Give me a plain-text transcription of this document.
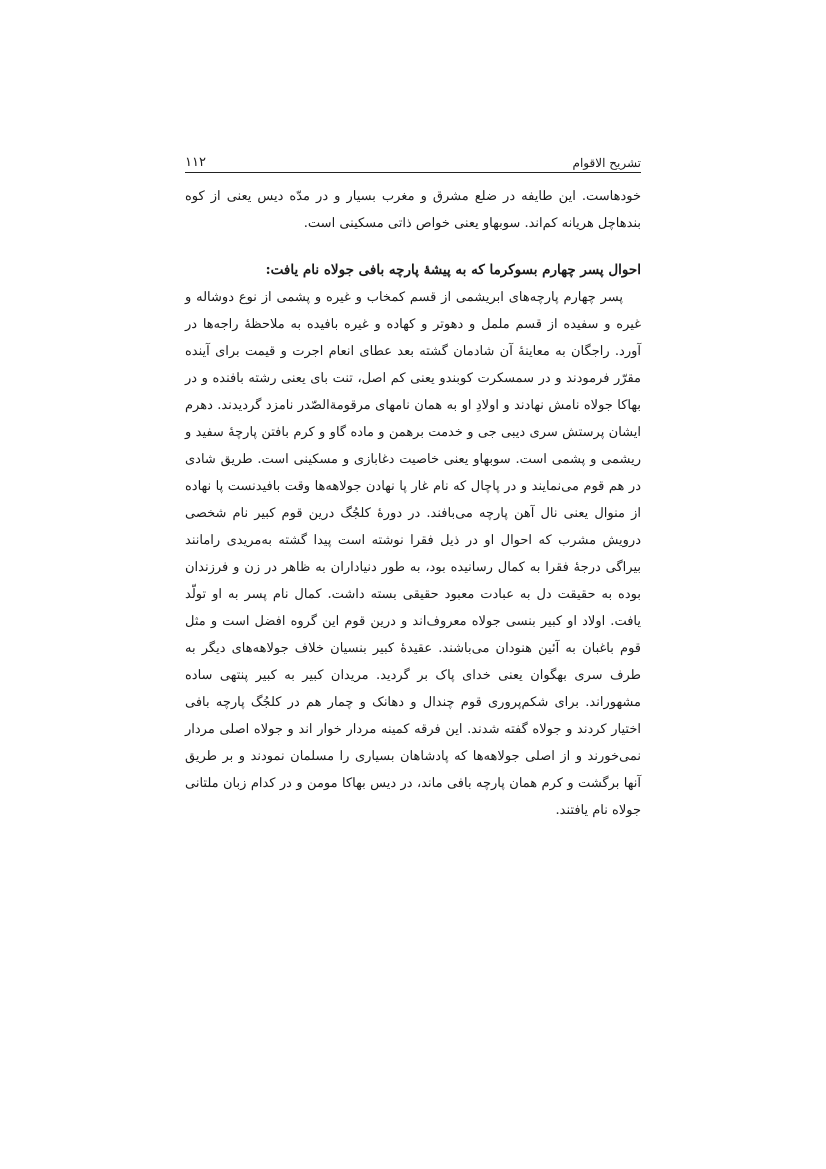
تشریح الاقوام
۱۱۲

خودهاست. این طایفه در ضلع مشرق و مغرب بسیار و در مدّه دیس یعنی از کوه بندهاچل هریانه کم‌اند. سوبهاو یعنی خواص ذاتی مسکینی است.

احوال پسر چهارم بسوکرما که به پیشهٔ پارچه بافی جولاه نام یافت:

پسر چهارم پارچه‌های ابریشمی از قسم کمخاب و غیره و پشمی از نوع دوشاله و غیره و سفیده از قسم ململ و دهوتر و کهاده و غیره بافیده به ملاحظهٔ راجه‌ها در آورد. راجگان به معاینهٔ آن شادمان گشته بعد عطای انعام اجرت و قیمت برای آینده مقرّر فرمودند و در سمسکرت کوبندو یعنی کم اصل، تنت بای یعنی رشته بافنده و در بهاکا جولاه نامش نهادند و اولادِ او به همان نامهای مرقومةالصّدر نامزد گردیدند. دهرم ایشان پرستش سری دیبی جی و خدمت برهمن و ماده گاو و کرم بافتن پارچهٔ سفید و ریشمی و پشمی است. سوبهاو یعنی خاصیت دغابازی و مسکینی است. طریق شادی در هم قوم می‌نمایند و در پاچال که نام غار پا نهادن جولاهه‌ها وقت بافیدنست پا نهاده از منوال یعنی نال آهن پارچه می‌بافند. در دورهٔ کلجُگ درین قوم کبیر نام شخصی درویش مشرب که احوال او در ذیل فقرا نوشته است پیدا گشته به‌مریدی رامانند بیراگی درجهٔ فقرا به کمال رسانیده بود، به طور دنیاداران به ظاهر در زن و فرزندان بوده به حقیقت دل به عبادت معبود حقیقی بسته داشت. کمال نام پسر به او تولّد یافت. اولاد او کبیر بنسی جولاه معروف‌اند و درین قوم این گروه افضل است و مثل قوم باغبان به آئین هنودان می‌باشند. عقیدهٔ کبیر بنسیان خلاف جولاهه‌های دیگر به طرف سری بهگوان یعنی خدای پاک بر گردید. مریدان کبیر به کبیر پنتهی ساده مشهوراند. برای شکم‌پروری قوم چندال و دهانک و چمار هم در کلجُگ پارچه بافی اختیار کردند و جولاه گفته شدند. این فرقه کمینه مردار خوار اند و جولاه اصلی مردار نمی‌خورند و از اصلی جولاهه‌ها که پادشاهان بسیاری را مسلمان نمودند و بر طریق آنها برگشت و کرم همان پارچه بافی ماند، در دیس بهاکا مومن و در کدام زبان ملتانی جولاه نام یافتند.
